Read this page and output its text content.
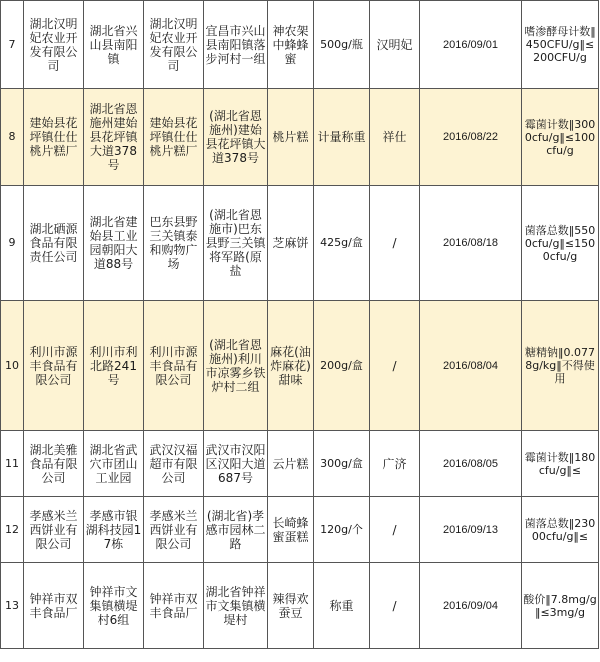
7	湖北汉明妃农业开发有限公司	湖北省兴山县南阳镇	湖北汉明妃农业开发有限公司	宜昌市兴山县南阳镇落步河村一组	神农架中蜂蜂蜜	500g/瓶	汉明妃	2016/09/01	嗜渗酵母计数‖450CFU/g‖≤200CFU/g
8	建始县花坪镇仕仕桃片糕厂	湖北省恩施州建始县花坪镇大道378号	建始县花坪镇仕仕桃片糕厂	(湖北省恩施州)建始县花坪镇大道378号	桃片糕	计量称重	祥仕	2016/08/22	霉菌计数‖3000cfu/g‖≤100cfu/g
9	湖北硒源食品有限责任公司	湖北省建始县工业园朝阳大道88号	巴东县野三关镇泰和购物广场	(湖北省恩施市)巴东县野三关镇将军路(原盐	芝麻饼	425g/盒	/	2016/08/18	菌落总数‖5500cfu/g‖≤1500cfu/g
10	利川市源丰食品有限公司	利川市利北路241号	利川市源丰食品有限公司	(湖北省恩施州)利川市凉雾乡铁炉村二组	麻花(油炸麻花)甜味	200g/盒	/	2016/08/04	糖精钠‖0.0778g/kg‖不得使用
11	湖北美雅食品有限公司	湖北省武穴市团山工业园	武汉汉福超市有限公司	武汉市汉阳区汉阳大道687号	云片糕	300g/盒	广济	2016/08/05	霉菌计数‖180cfu/g‖≤
12	孝感米兰西饼业有限公司	孝感市银湖科技园17栋	孝感米兰西饼业有限公司	(湖北省)孝感市园林二路	长崎蜂蜜蛋糕	120g/个	/	2016/09/13	菌落总数‖23000cfu/g‖≤
13	钟祥市双丰食品厂	钟祥市文集镇横堤村6组	钟祥市双丰食品厂	湖北省钟祥市文集镇横堤村	辣得欢蚕豆	称重	/	2016/09/04	酸价‖7.8mg/g‖≤3mg/g
